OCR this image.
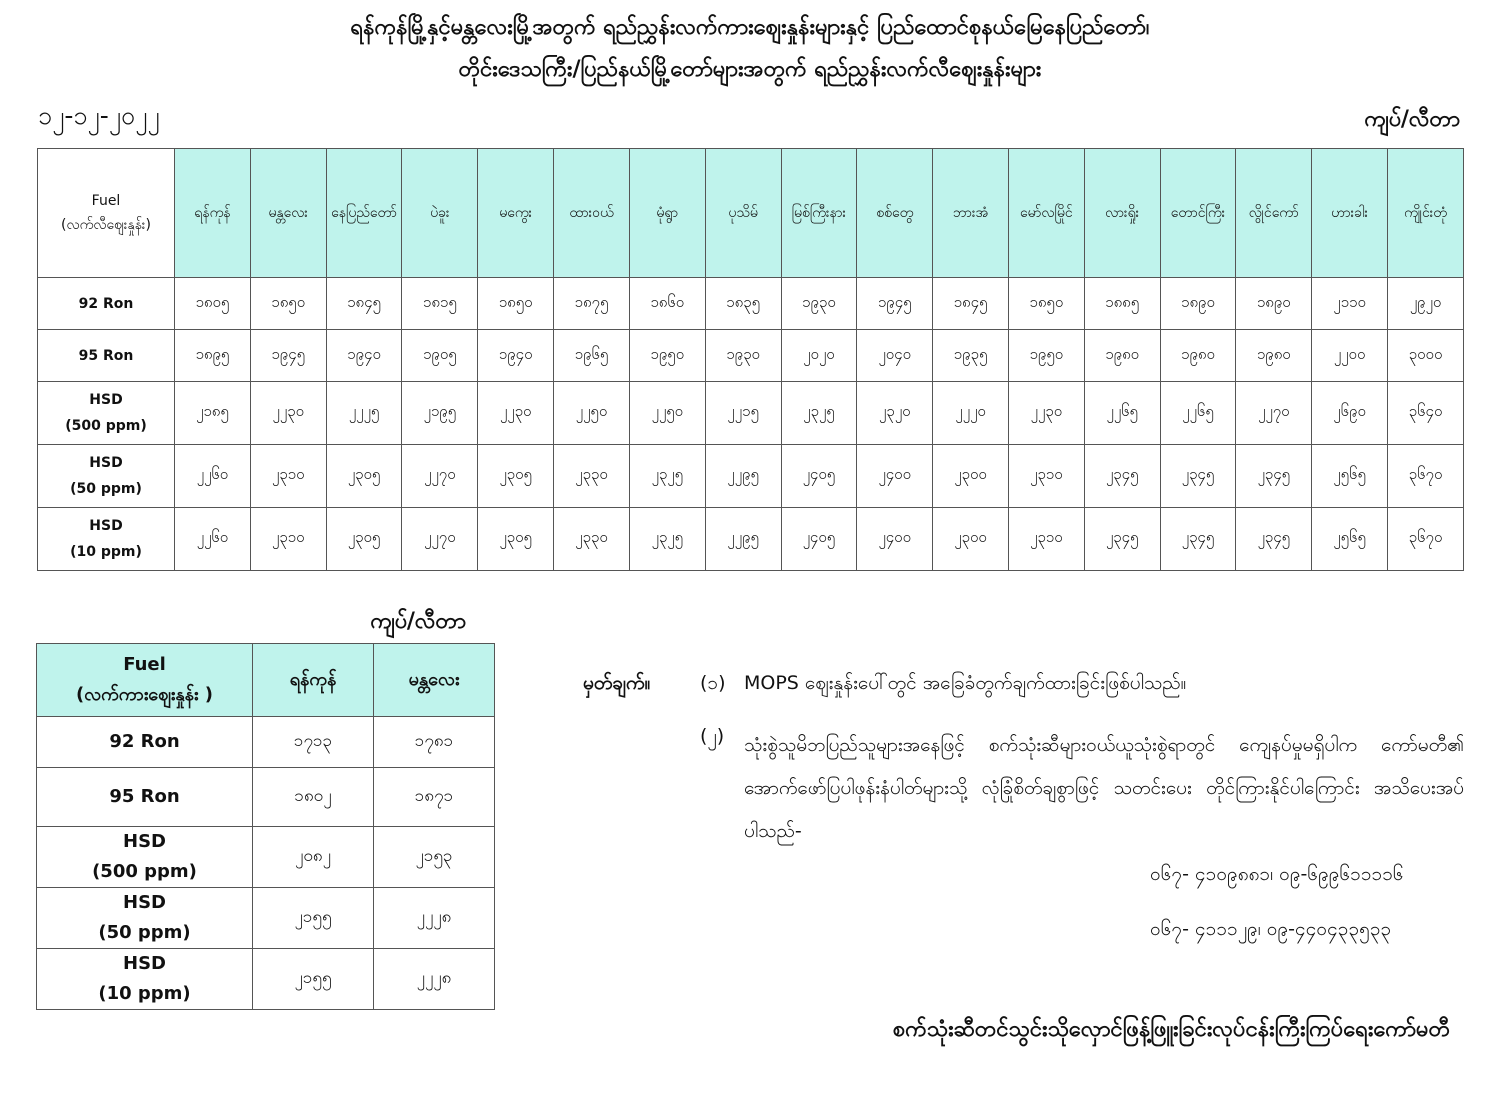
ရန်ကုန်မြို့နှင့်မန္တလေးမြို့အတွက် ရည်ညွှန်းလက်ကားဈေးနှုန်းများနှင့် ပြည်ထောင်စုနယ်မြေနေပြည်တော်၊
တိုင်းဒေသကြီး/ပြည်နယ်မြို့တော်များအတွက် ရည်ညွှန်းလက်လီဈေးနှုန်းများ
၁၂-၁၂-၂၀၂၂	ကျပ်/လီတာ
Fuel
(လက်လီဈေးနှုန်း)	ရန်ကုန်	မန္တလေး	နေပြည်တော်	ပဲခူး	မကွေး	ထားဝယ်	မုံရွာ	ပုသိမ်	မြစ်ကြီးနား	စစ်တွေ	ဘားအံ	မော်လမြိုင်	လားရှိုး	တောင်ကြီး	လွိုင်ကော်	ဟားခါး	ကျိုင်းတုံ

92 Ron	၁၈၀၅	၁၈၅၀	၁၈၄၅	၁၈၁၅	၁၈၅၀	၁၈၇၅	၁၈၆၀	၁၈၃၅	၁၉၃၀	၁၉၄၅	၁၈၄၅	၁၈၅၀	၁၈၈၅	၁၈၉၀	၁၈၉၀	၂၁၁၀	၂၉၂၀

95 Ron	၁၈၉၅	၁၉၄၅	၁၉၄၀	၁၉၀၅	၁၉၄၀	၁၉၆၅	၁၉၅၀	၁၉၃၀	၂၀၂၀	၂၀၄၀	၁၉၃၅	၁၉၅၀	၁၉၈၀	၁၉၈၀	၁၉၈၀	၂၂၀၀	၃၀၀၀

HSD
(500 ppm)	၂၁၈၅	၂၂၃၀	၂၂၂၅	၂၁၉၅	၂၂၃၀	၂၂၅၀	၂၂၅၀	၂၂၁၅	၂၃၂၅	၂၃၂၀	၂၂၂၀	၂၂၃၀	၂၂၆၅	၂၂၆၅	၂၂၇၀	၂၆၉၀	၃၆၄၀

HSD
(50 ppm)	၂၂၆၀	၂၃၁၀	၂၃၀၅	၂၂၇၀	၂၃၀၅	၂၃၃၀	၂၃၂၅	၂၂၉၅	၂၄၀၅	၂၄၀၀	၂၃၀၀	၂၃၁၀	၂၃၄၅	၂၃၄၅	၂၃၄၅	၂၅၆၅	၃၆၇၀

HSD
(10 ppm)	၂၂၆၀	၂၃၁၀	၂၃၀၅	၂၂၇၀	၂၃၀၅	၂၃၃၀	၂၃၂၅	၂၂၉၅	၂၄၀၅	၂၄၀၀	၂၃၀၀	၂၃၁၀	၂၃၄၅	၂၃၄၅	၂၃၄၅	၂၅၆၅	၃၆၇၀
ကျပ်/လီတာ
Fuel
(လက်ကားဈေးနှုန်း )	ရန်ကုန်	မန္တလေး

92 Ron	၁၇၁၃	၁၇၈၁

95 Ron	၁၈၀၂	၁၈၇၁

HSD
(500 ppm)	၂၀၈၂	၂၁၅၃

HSD
(50 ppm)	၂၁၅၅	၂၂၂၈

HSD
(10 ppm)	၂၁၅၅	၂၂၂၈
မှတ်ချက်။	(၁) MOPS ဈေးနှုန်းပေါ်တွင် အခြေခံတွက်ချက်ထားခြင်းဖြစ်ပါသည်။
(၂) သုံးစွဲသူမိဘပြည်သူများအနေဖြင့် စက်သုံးဆီများဝယ်ယူသုံးစွဲရာတွင် ကျေနပ်မှုမရှိပါက ကော်မတီ၏ အောက်ဖော်ပြပါဖုန်းနံပါတ်များသို့ လုံခြုံစိတ်ချစွာဖြင့် သတင်းပေး တိုင်ကြားနိုင်ပါကြောင်း အသိပေးအပ်ပါသည်-
၀၆၇- ၄၁၀၉၈၈၁၊ ၀၉-၆၉၉၆၁၁၁၁၆
၀၆၇- ၄၁၁၁၂၉၊ ၀၉-၄၄၀၄၃၃၅၃၃
စက်သုံးဆီတင်သွင်းသိုလှောင်ဖြန့်ဖြူးခြင်းလုပ်ငန်းကြီးကြပ်ရေးကော်မတီ
